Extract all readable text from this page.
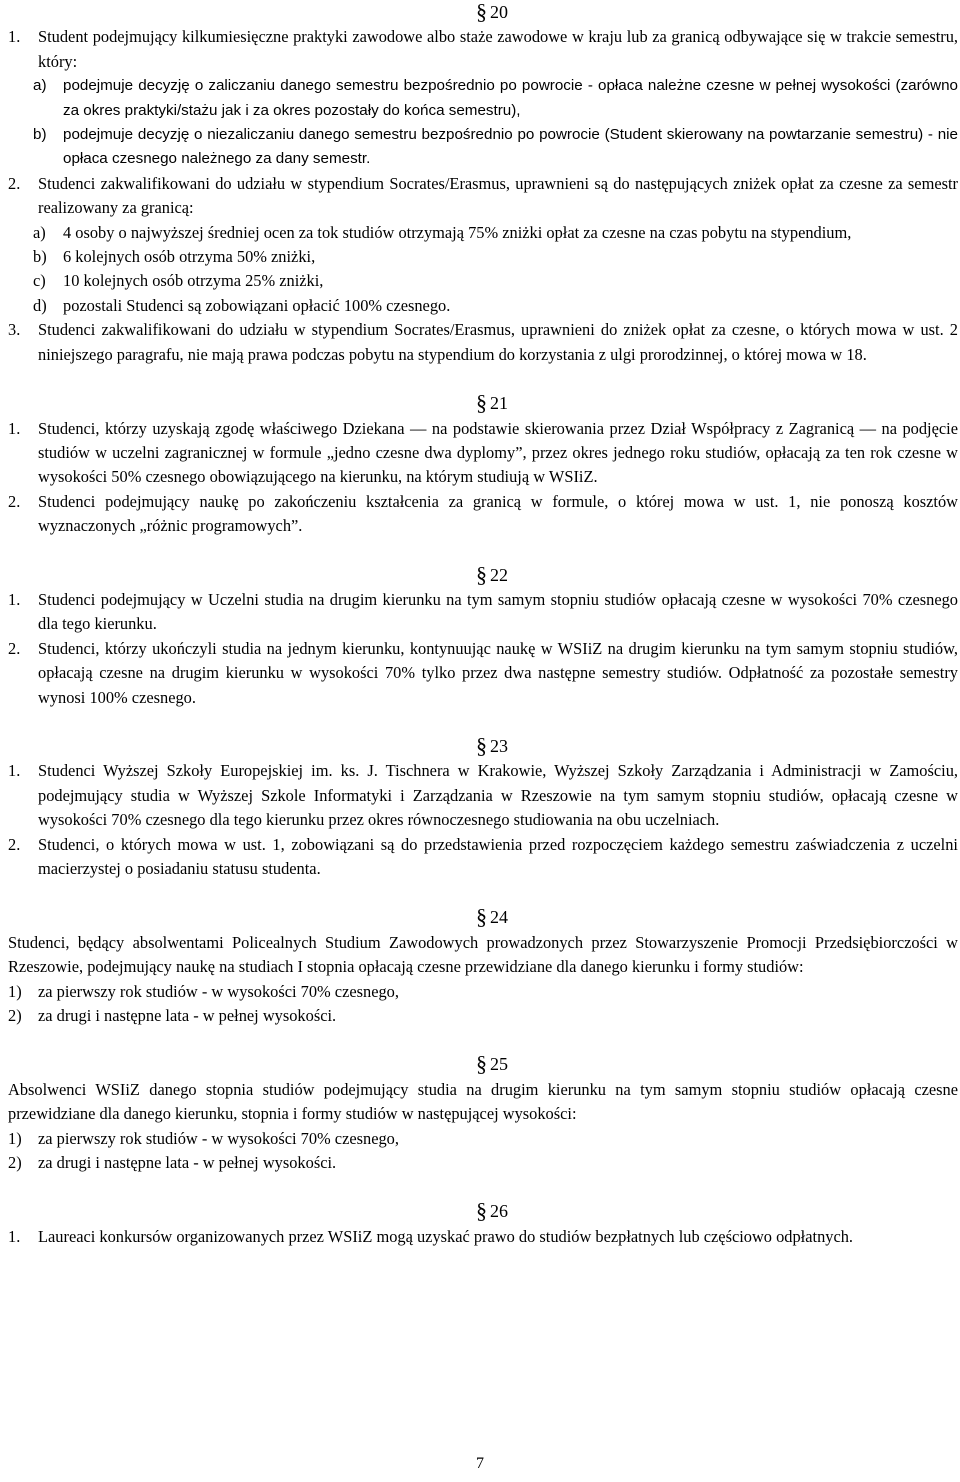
§ 20
1. Student podejmujący kilkumiesięczne praktyki zawodowe albo staże zawodowe w kraju lub za granicą odbywające się w trakcie semestru, który:
a) podejmuje decyzję o zaliczaniu danego semestru bezpośrednio po powrocie - opłaca należne czesne w pełnej wysokości (zarówno za okres praktyki/stażu jak i za okres pozostały do końca semestru),
b) podejmuje decyzję o niezaliczaniu danego semestru bezpośrednio po powrocie (Student skierowany na powtarzanie semestru) - nie opłaca czesnego należnego za dany semestr.
2. Studenci zakwalifikowani do udziału w stypendium Socrates/Erasmus, uprawnieni są do następujących zniżek opłat za czesne za semestr realizowany za granicą:
a) 4 osoby o najwyższej średniej ocen za tok studiów otrzymają 75% zniżki opłat za czesne na czas pobytu na stypendium,
b) 6 kolejnych osób otrzyma 50% zniżki,
c) 10 kolejnych osób otrzyma 25% zniżki,
d) pozostali Studenci są zobowiązani opłacić 100% czesnego.
3. Studenci zakwalifikowani do udziału w stypendium Socrates/Erasmus, uprawnieni do zniżek opłat za czesne, o których mowa w ust. 2 niniejszego paragrafu, nie mają prawa podczas pobytu na stypendium do korzystania z ulgi prorodzinnej, o której mowa w 18.
§ 21
1. Studenci, którzy uzyskają zgodę właściwego Dziekana — na podstawie skierowania przez Dział Współpracy z Zagranicą — na podjęcie studiów w uczelni zagranicznej w formule „jedno czesne dwa dyplomy”, przez okres jednego roku studiów, opłacają za ten rok czesne w wysokości 50% czesnego obowiązującego na kierunku, na którym studiują w WSIiZ.
2. Studenci podejmujący naukę po zakończeniu kształcenia za granicą w formule, o której mowa w ust. 1, nie ponoszą kosztów wyznaczonych „różnic programowych”.
§ 22
1. Studenci podejmujący w Uczelni studia na drugim kierunku na tym samym stopniu studiów opłacają czesne w wysokości 70% czesnego dla tego kierunku.
2. Studenci, którzy ukończyli studia na jednym kierunku, kontynuując naukę w WSIiZ na drugim kierunku na tym samym stopniu studiów, opłacają czesne na drugim kierunku w wysokości 70% tylko przez dwa następne semestry studiów. Odpłatność za pozostałe semestry wynosi 100% czesnego.
§ 23
1. Studenci Wyższej Szkoły Europejskiej im. ks. J. Tischnera w Krakowie, Wyższej Szkoły Zarządzania i Administracji w Zamościu, podejmujący studia w Wyższej Szkole Informatyki i Zarządzania w Rzeszowie na tym samym stopniu studiów, opłacają czesne w wysokości 70% czesnego dla tego kierunku przez okres równoczesnego studiowania na obu uczelniach.
2. Studenci, o których mowa w ust. 1, zobowiązani są do przedstawienia przed rozpoczęciem każdego semestru zaświadczenia z uczelni macierzystej o posiadaniu statusu studenta.
§ 24
Studenci, będący absolwentami Policealnych Studium Zawodowych prowadzonych przez Stowarzyszenie Promocji Przedsiębiorczości w Rzeszowie, podejmujący naukę na studiach I stopnia opłacają czesne przewidziane dla danego kierunku i formy studiów:
1) za pierwszy rok studiów - w wysokości 70% czesnego,
2) za drugi i następne lata - w pełnej wysokości.
§ 25
Absolwenci WSIiZ danego stopnia studiów podejmujący studia na drugim kierunku na tym samym stopniu studiów opłacają czesne przewidziane dla danego kierunku, stopnia i formy studiów w następującej wysokości:
1) za pierwszy rok studiów - w wysokości 70% czesnego,
2) za drugi i następne lata - w pełnej wysokości.
§ 26
1. Laureaci konkursów organizowanych przez WSIiZ mogą uzyskać prawo do studiów bezpłatnych lub częściowo odpłatnych.
7
